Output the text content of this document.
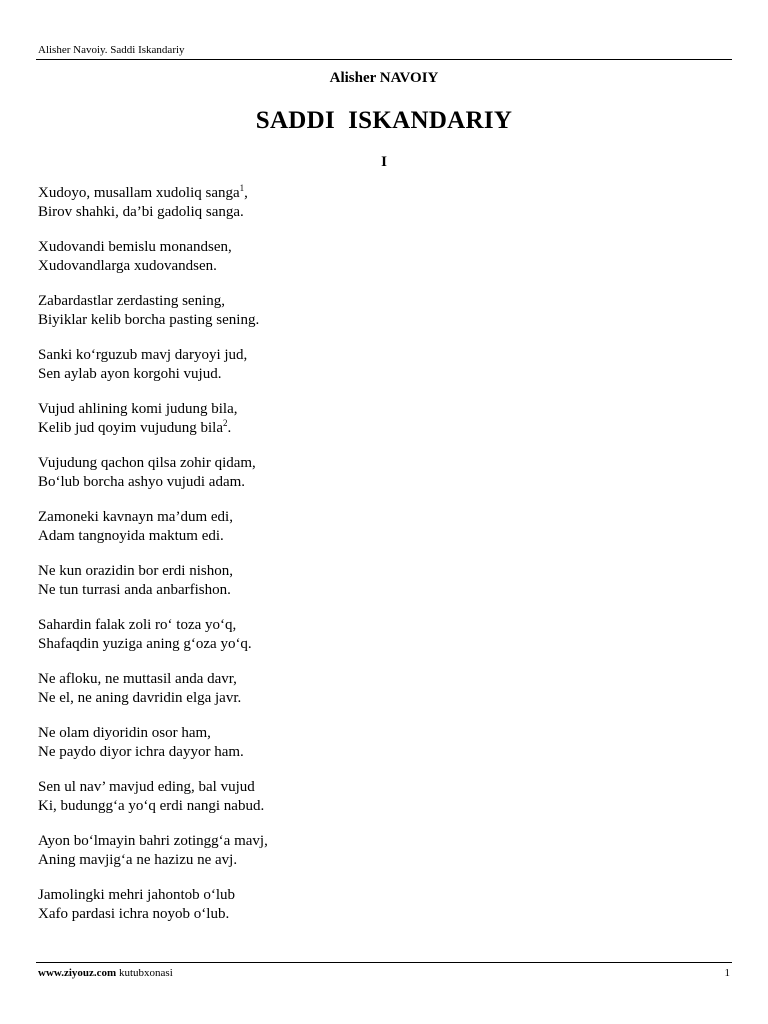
Alisher Navoiy. Saddi Iskandariy
Alisher NAVOIY
SADDI  ISKANDARIY
I
Xudoyo, musallam xudoliq sanga$^1$,
Birov shahki, da’bi gadoliq sanga.
Xudovandi bemislu monandsen,
Xudovandlarga xudovandsen.
Zabardastlar zerdasting sening,
Biyiklar kelib borcha pasting sening.
Sanki ko‘rguzub mavj daryoyi jud,
Sen aylab ayon korgohi vujud.
Vujud ahlining komi judung bila,
Kelib jud qoyim vujudung bila$^2$.
Vujudung qachon qilsa zohir qidam,
Bo‘lub borcha ashyo vujudi adam.
Zamoneki kavnayn ma’dum edi,
Adam tangnoyida maktum edi.
Ne kun orazidin bor erdi nishon,
Ne tun turrasi anda anbarfishon.
Sahardin falak zoli ro‘ toza yo‘q,
Shafaqdin yuziga aning g‘oza yo‘q.
Ne afloku, ne muttasil anda davr,
Ne el, ne aning davridin elga javr.
Ne olam diyoridin osor ham,
Ne paydo diyor ichra dayyor ham.
Sen ul nav’ mavjud eding, bal vujud
Ki, budungg‘a yo‘q erdi nangi nabud.
Ayon bo‘lmayin bahri zotingg‘a mavj,
Aning mavjig‘a ne hazizu ne avj.
Jamolingki mehri jahontob o‘lub
Xafo pardasi ichra noyob o‘lub.
www.ziyouz.com kutubxonasi	1
